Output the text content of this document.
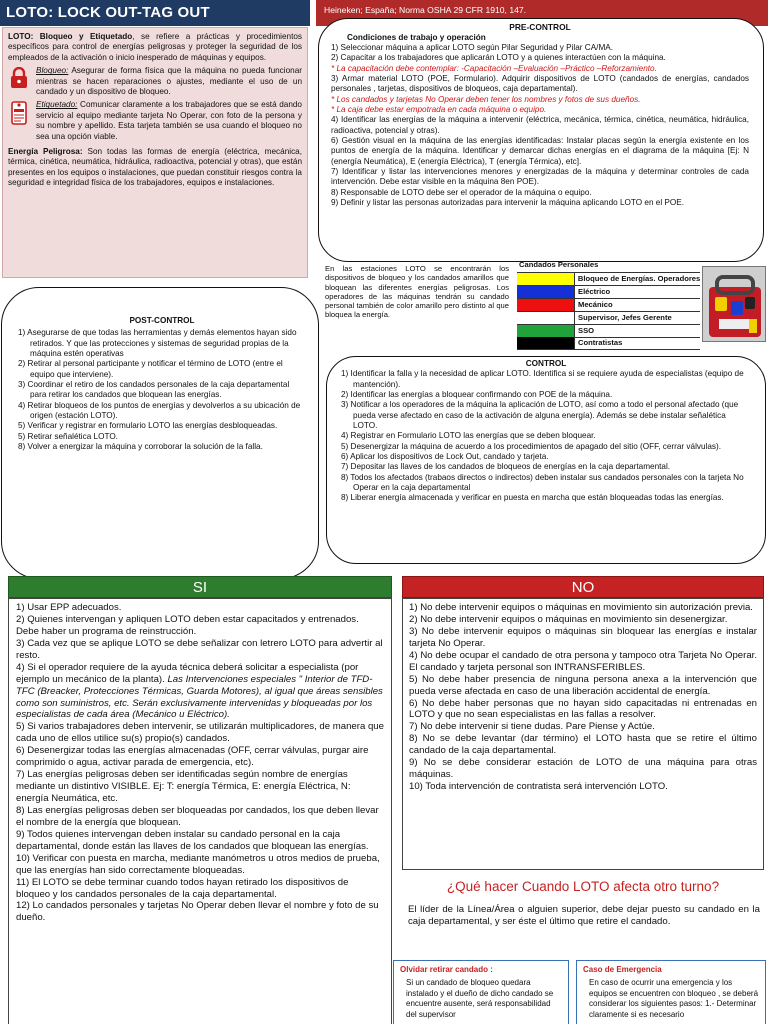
LOTO: LOCK OUT-TAG OUT	Heineken; España; Norma OSHA 29 CFR 1910, 147.

LOTO: Bloqueo y Etiquetado, se refiere a prácticas y procedimientos específicos para control de energías peligrosas y proteger la seguridad de los empleados de la activación o inicio inesperado de máquinas y equipos.

Bloqueo: Asegurar de forma física que la máquina no pueda funcionar mientras se hacen reparaciones o ajustes, mediante el uso de un candado y un dispositivo de bloqueo.
Etiquetado: Comunicar claramente a los trabajadores que se está dando servicio al equipo mediante tarjeta No Operar, con foto de la persona y su nombre y apellido. Esta tarjeta también se usa cuando el bloqueo no sea una opción viable.

Energía Peligrosa: Son todas las formas de energía (eléctrica, mecánica, térmica, cinética, neumática, hidráulica, radioactiva, potencial y otras), que están presentes en los equipos o instalaciones, que puedan constituir riesgos contra la seguridad e integridad física de los trabajadores, equipos e instalaciones.

PRE-CONTROL
Condiciones de trabajo y operación
1) Seleccionar máquina a aplicar LOTO según Pilar Seguridad y Pilar CA/MA.
2) Capacitar a los trabajadores que aplicarán LOTO y a quienes interactúen con la máquina.
* La capacitación debe contemplar: -Capacitación –Evaluación –Práctico –Reforzamiento.
3) Armar material LOTO (POE, Formulario). Adquirir dispositivos de LOTO (candados de energías, candados personales , tarjetas, dispositivos de bloqueos, caja departamental).
* Los candados y tarjetas No Operar deben tener los nombres y fotos de sus dueños.
* La caja debe estar empotrada en cada máquina o equipo.
4) Identificar las energías de la máquina a intervenir (eléctrica, mecánica, térmica, cinética, neumática, hidráulica, radioactiva, potencial y otras).
6) Gestión visual en la máquina de las energías identificadas: Instalar placas según la energía existente en los puntos de energía de la máquina. Identificar y demarcar dichas energías en el diagrama de la máquina [Ej: N (energía Neumática), E (energía Eléctrica), T (energía Térmica), etc].
7) Identificar y listar las intervenciones menores y energizadas de la máquina y determinar controles de cada intervención. Debe estar visible en la máquina 8en POE).
8) Responsable de LOTO debe ser el operador de la máquina o equipo.
9) Definir y listar las personas autorizadas para intervenir la máquina aplicando LOTO en el POE.
En las estaciones LOTO se encontrarán los dispositivos de bloqueo y los candados amarillos que bloquean las diferentes energías peligrosas. Los operadores de las máquinas tendrán su candado personal también de color amarillo pero distinto al que bloquea la energía.
Candados Personales
Bloqueo de Energías. Operadores
Eléctrico
Mecánico
Supervisor, Jefes Gerente
SSO
Contratistas
POST-CONTROL
1) Asegurarse de que todas las herramientas y demás elementos hayan sido retirados. Y que las protecciones y sistemas de seguridad propias de la máquina estén operativas
2) Retirar al personal participante y notificar el término de LOTO (entre el equipo que interviene).
3) Coordinar el retiro de los candados personales de la caja departamental para retirar los candados que bloquean las energías.
4) Retirar bloqueos de los puntos de energías y devolverlos a su ubicación de origen (estación LOTO).
5) Verificar y registrar en formulario LOTO las energías desbloqueadas.
5) Retirar señalética LOTO.
8) Volver a energizar la máquina y corroborar la solución de la falla.
CONTROL
1) Identificar la falla y la necesidad de aplicar LOTO. Identifica si se requiere ayuda de especialistas (equipo de mantención).
2) Identificar las energías a bloquear confirmando con POE de la máquina.
3) Notificar a los operadores de la máquina la aplicación de LOTO, así como a todo el personal afectado (que pueda verse afectado en caso de la activación de alguna energía). Además se debe instalar señalética LOTO.
4) Registrar en Formulario LOTO las energías que se deben bloquear.
5) Desenergizar la máquina de acuerdo a los procedimientos de apagado del sitio (OFF, cerrar válvulas).
6) Aplicar los dispositivos de Lock Out, candado y tarjeta.
7) Depositar las llaves de los candados de bloqueos de energías en la caja departamental.
8) Todos los afectados (trabaos directos o indirectos) deben instalar sus candados personales con la tarjeta No Operar en la caja departamental
8) Liberar energía almacenada y verificar en puesta en marcha que están bloqueadas todas las energías.
SI
1) Usar EPP adecuados.
2) Quienes intervengan y apliquen LOTO deben estar capacitados y entrenados. Debe haber un programa de reinstrucción.
3) Cada vez que se aplique LOTO se debe señalizar con letrero LOTO para advertir al resto.
4) Si el operador requiere de la ayuda técnica deberá solicitar a especialista (por ejemplo un mecánico de la planta). Las Intervenciones especiales " Interior de TFD-TFC (Breacker, Protecciones Térmicas, Guarda Motores), al igual que áreas sensibles como son suministros, etc. Serán exclusivamente intervenidas y bloqueadas por los especialistas de cada área (Mecánico u Eléctrico).
5) Si varios trabajadores deben intervenir, se utilizarán multiplicadores, de manera que cada uno de ellos utilice su(s) propio(s) candados.
6) Desenergizar todas las energías almacenadas (OFF, cerrar válvulas, purgar aire comprimido o agua, activar parada de emergencia, etc).
7) Las energías peligrosas deben ser identificadas según nombre de energías mediante un distintivo VISIBLE. Ej: T: energía Térmica, E: energía Eléctrica, N: energía Neumática, etc.
8) Las energías peligrosas deben ser bloqueadas por candados, los que deben llevar el nombre de la energía que bloquean.
9) Todos quienes intervengan deben instalar su candado personal en la caja departamental, donde están las llaves de los candados que bloquean las energías.
10) Verificar con puesta en marcha, mediante manómetros u otros medios de prueba, que las energías han sido correctamente bloqueadas.
11) El LOTO se debe terminar cuando todos hayan retirado los dispositivos de bloqueo y los candados personales de la caja departamental.
12) Lo candados personales y tarjetas No Operar deben llevar el nombre y foto de su dueño.
NO
1) No debe intervenir equipos o máquinas en movimiento sin autorización previa.
2) No debe intervenir equipos o máquinas en movimiento sin desenergizar.
3) No debe intervenir equipos o máquinas sin bloquear las energías e instalar tarjeta No Operar.
4) No debe ocupar el candado de otra persona y tampoco otra Tarjeta No Operar. El candado y tarjeta personal son INTRANSFERIBLES.
5) No debe haber presencia de ninguna persona anexa a la intervención que pueda verse afectada en caso de una liberación accidental de energía.
6) No debe haber personas que no hayan sido capacitadas ni entrenadas en LOTO y que no sean especialistas en las fallas a resolver.
7) No debe intervenir si tiene dudas. Pare Piense y Actúe.
8) No se debe levantar (dar término) el LOTO hasta que se retire el último candado de la caja departamental.
9) No se debe considerar estación de LOTO de una máquina para otras máquinas.
10) Toda intervención de contratista será intervención LOTO.
¿Qué hacer Cuando LOTO afecta otro turno?
El líder de la Línea/Área o alguien superior, debe dejar puesto su candado en la caja departamental, y ser éste el último que retire el candado.
Olvidar retirar candado :
Si un candado de bloqueo quedara instalado y el dueño de dicho candado se encuentre ausente, será responsabilidad del supervisor
Caso de Emergencia
En caso de ocurrir una emergencia y los equipos se encuentren con bloqueo , se deberá considerar los siguientes pasos: 1.- Determinar claramente si es necesario
